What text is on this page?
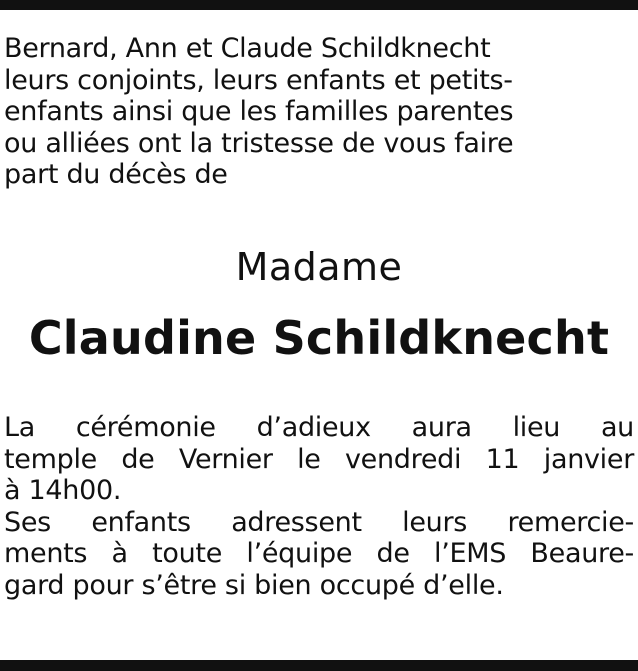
Bernard, Ann et Claude Schildknecht
leurs conjoints, leurs enfants et petits-
enfants ainsi que les familles parentes
ou alliées ont la tristesse de vous faire
part du décès de
Madame
Claudine Schildknecht
La cérémonie d’adieux aura lieu au
temple de Vernier le vendredi 11 janvier
à 14h00.
Ses enfants adressent leurs remercie-
ments à toute l’équipe de l’EMS Beaure-
gard pour s’être si bien occupé d’elle.
